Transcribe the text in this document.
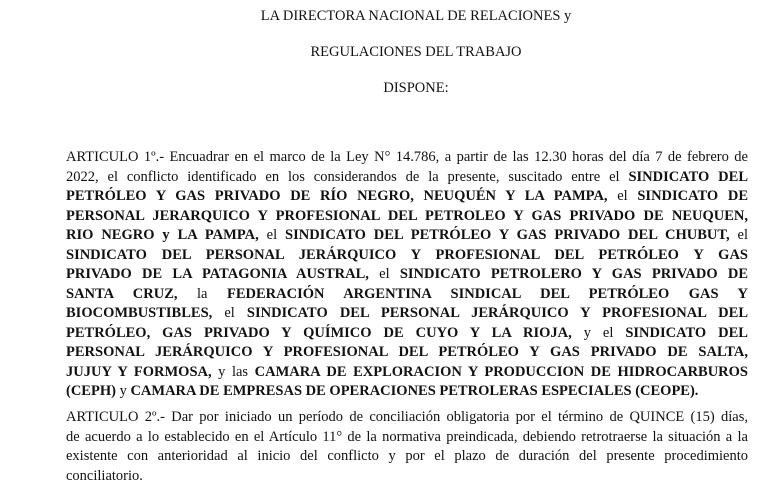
LA DIRECTORA NACIONAL DE RELACIONES y
REGULACIONES DEL TRABAJO
DISPONE:
ARTICULO 1º.- Encuadrar en el marco de la Ley N° 14.786, a partir de las 12.30 horas del día 7 de febrero de
2022, el conflicto identificado en los considerandos de la presente, suscitado entre el SINDICATO DEL
PETRÓLEO Y GAS PRIVADO DE RÍO NEGRO, NEUQUÉN Y LA PAMPA, el SINDICATO DE
PERSONAL JERARQUICO Y PROFESIONAL DEL PETROLEO Y GAS PRIVADO DE NEUQUEN,
RIO NEGRO y LA PAMPA, el SINDICATO DEL PETRÓLEO Y GAS PRIVADO DEL CHUBUT, el
SINDICATO DEL PERSONAL JERÁRQUICO Y PROFESIONAL DEL PETRÓLEO Y GAS
PRIVADO DE LA PATAGONIA AUSTRAL, el SINDICATO PETROLERO Y GAS PRIVADO DE
SANTA CRUZ, la FEDERACIÓN ARGENTINA SINDICAL DEL PETRÓLEO GAS Y
BIOCOMBUSTIBLES, el SINDICATO DEL PERSONAL JERÁRQUICO Y PROFESIONAL DEL
PETRÓLEO, GAS PRIVADO Y QUÍMICO DE CUYO Y LA RIOJA, y el SINDICATO DEL
PERSONAL JERÁRQUICO Y PROFESIONAL DEL PETRÓLEO Y GAS PRIVADO DE SALTA,
JUJUY Y FORMOSA, y las CAMARA DE EXPLORACION Y PRODUCCION DE HIDROCARBUROS
(CEPH) y CAMARA DE EMPRESAS DE OPERACIONES PETROLERAS ESPECIALES (CEOPE).
ARTICULO 2º.- Dar por iniciado un período de conciliación obligatoria por el término de QUINCE (15) días,
de acuerdo a lo establecido en el Artículo 11° de la normativa preindicada, debiendo retrotraerse la situación a la
existente con anterioridad al inicio del conflicto y por el plazo de duración del presente procedimiento
conciliatorio.
